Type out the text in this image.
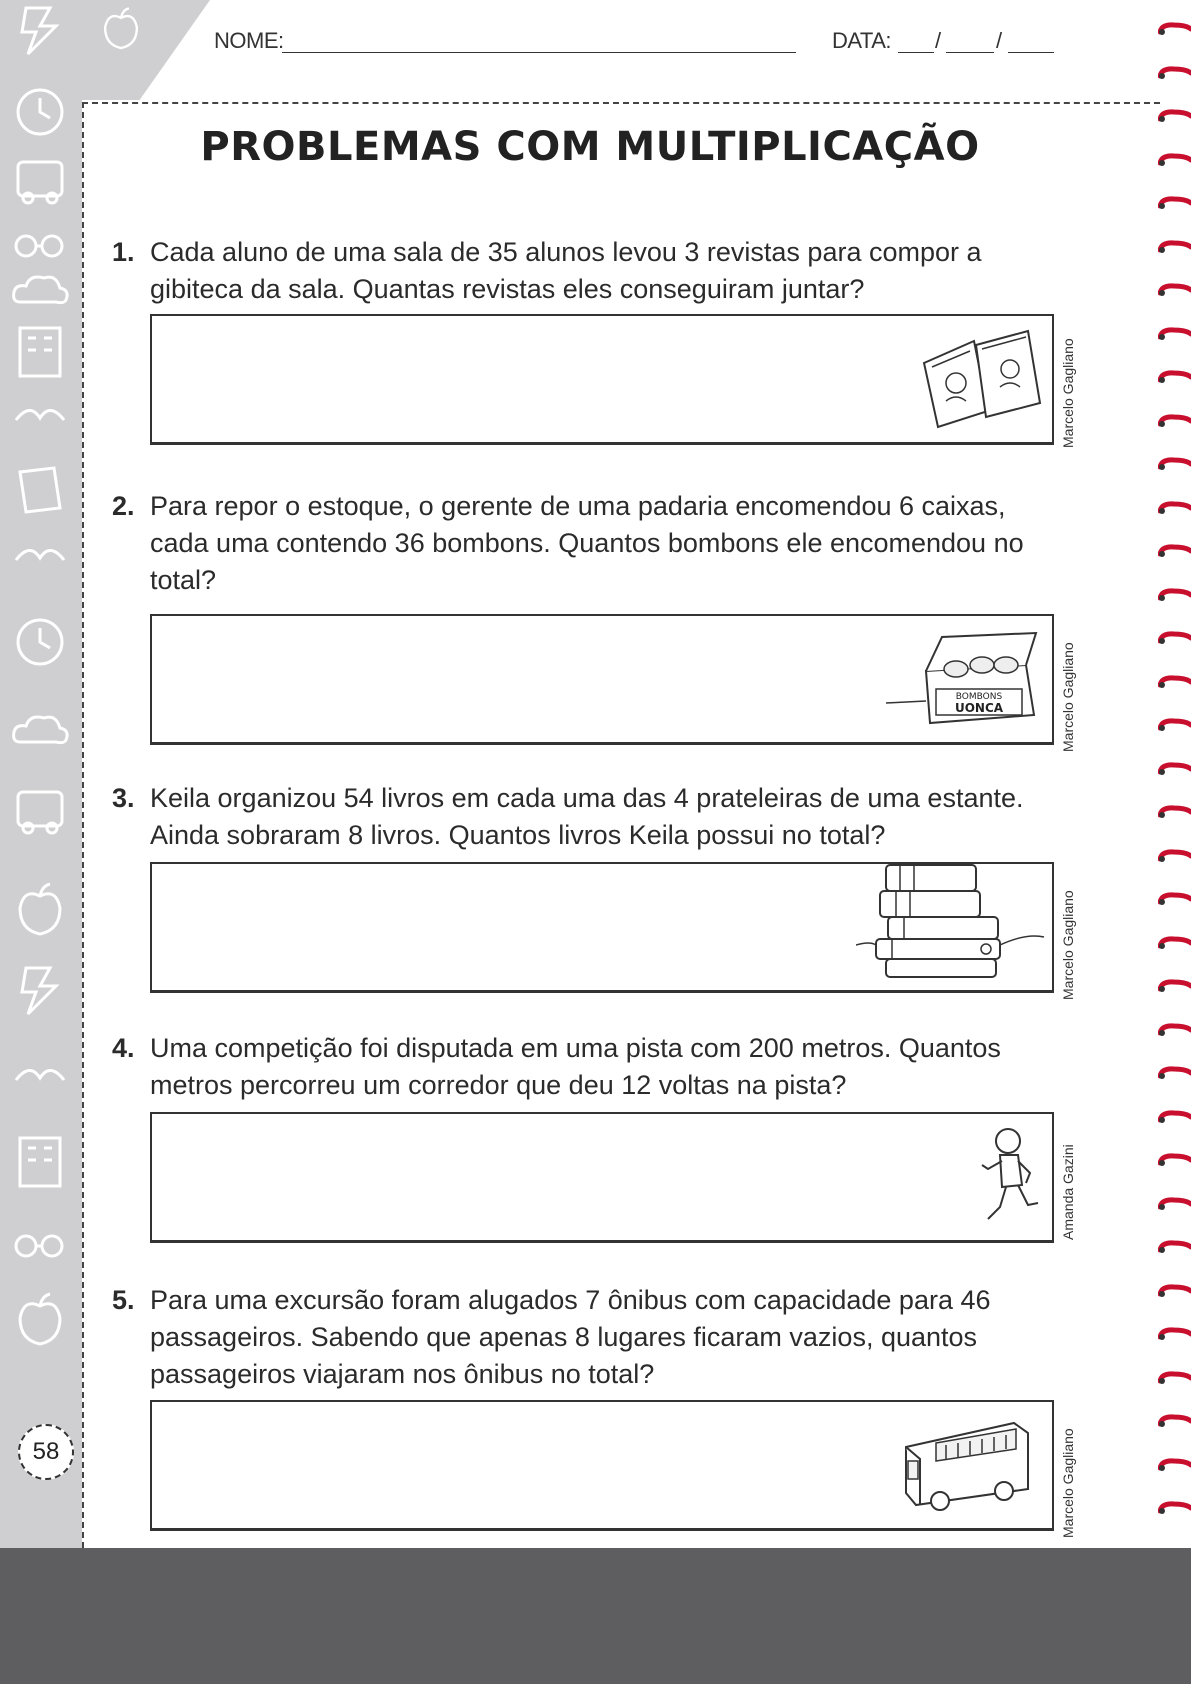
NOME:	DATA: /	/
PROBLEMAS COM MULTIPLICAÇÃO
1. Cada aluno de uma sala de 35 alunos levou 3 revistas para compor a gibiteca da sala. Quantas revistas eles conseguiram juntar?
Marcelo Gagliano
2. Para repor o estoque, o gerente de uma padaria encomendou 6 caixas, cada uma contendo 36 bombons. Quantos bombons ele encomendou no total?
BOMBONS
UONCA	Marcelo Gagliano
3. Keila organizou 54 livros em cada uma das 4 prateleiras de uma estante. Ainda sobraram 8 livros. Quantos livros Keila possui no total?
Marcelo Gagliano
4. Uma competição foi disputada em uma pista com 200 metros. Quantos metros percorreu um corredor que deu 12 voltas na pista?
Amanda Gazini
5. Para uma excursão foram alugados 7 ônibus com capacidade para 46 passageiros. Sabendo que apenas 8 lugares ficaram vazios, quantos passageiros viajaram nos ônibus no total?
Marcelo Gagliano
58
